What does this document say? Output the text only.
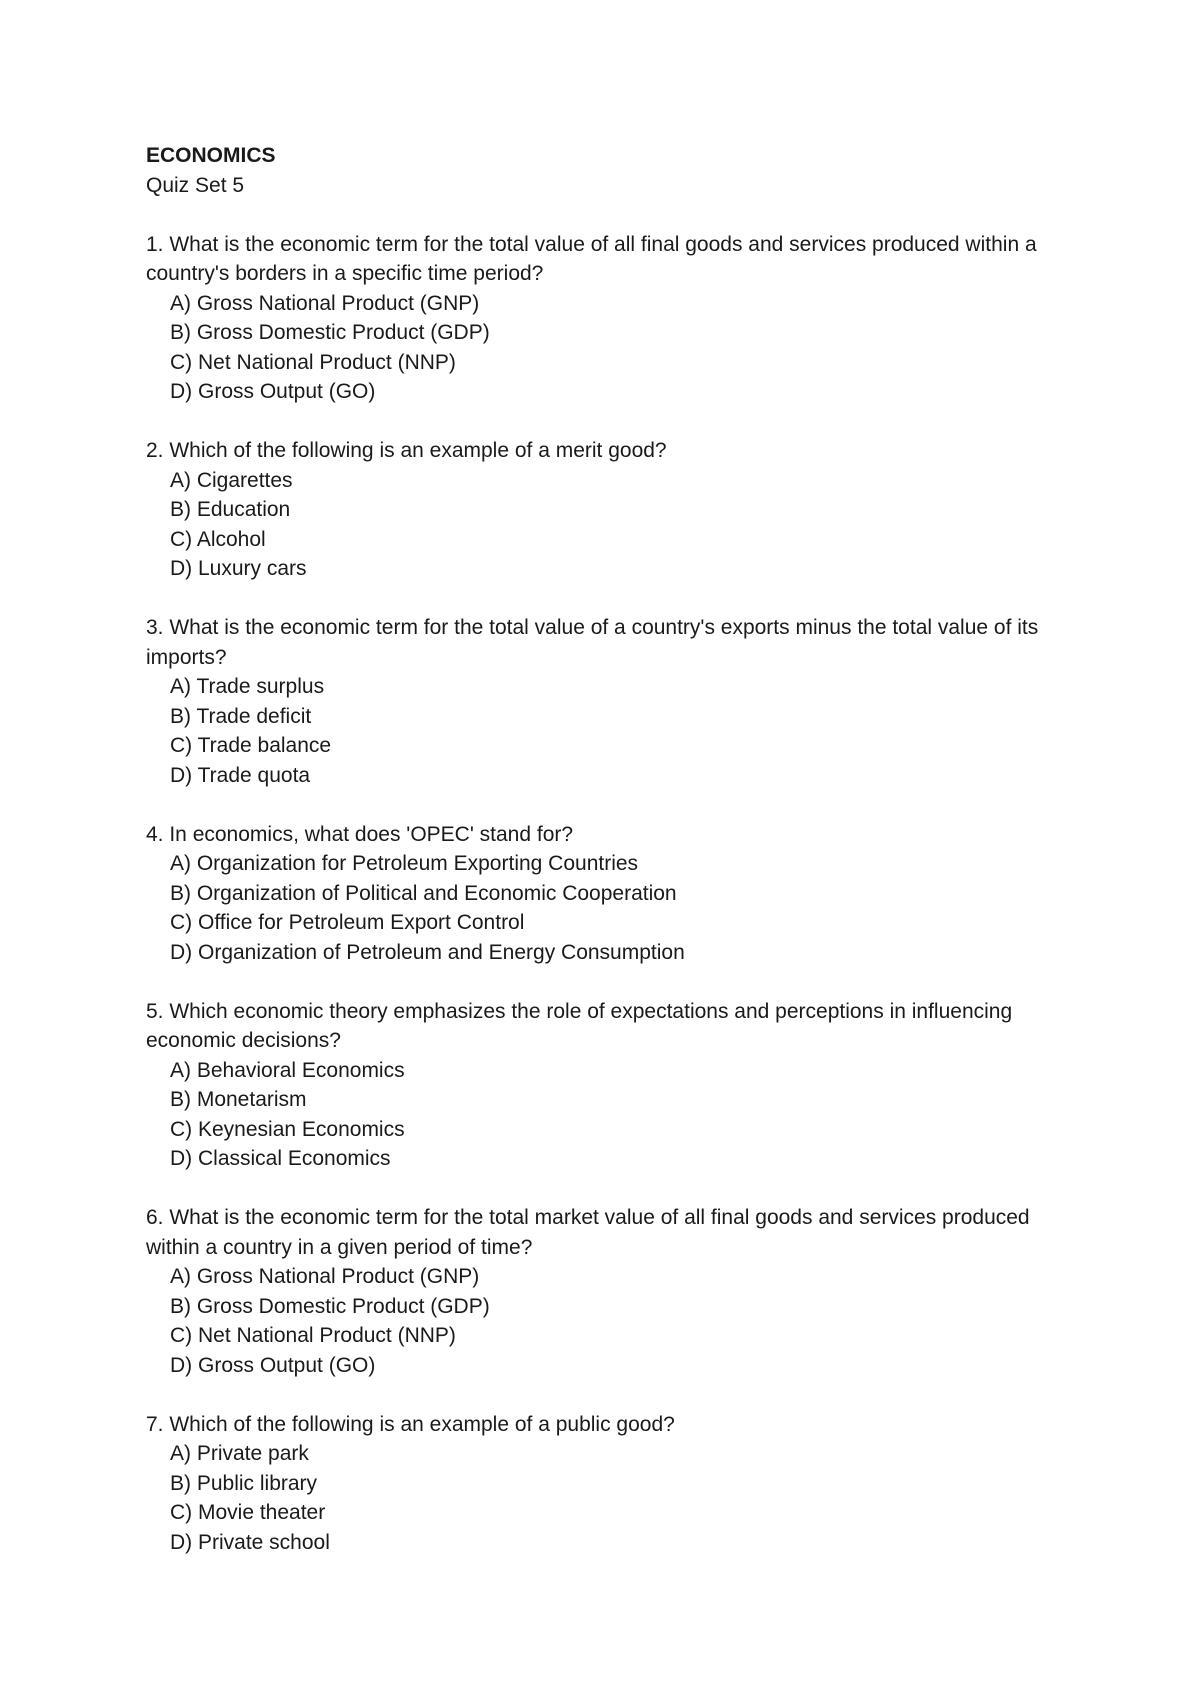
ECONOMICS

Quiz Set 5

1. What is the economic term for the total value of all final goods and services produced within a country's borders in a specific time period?

A) Gross National Product (GNP)
B) Gross Domestic Product (GDP)
C) Net National Product (NNP)
D) Gross Output (GO)

2. Which of the following is an example of a merit good?

A) Cigarettes
B) Education
C) Alcohol
D) Luxury cars

3. What is the economic term for the total value of a country's exports minus the total value of its imports?

A) Trade surplus
B) Trade deficit
C) Trade balance
D) Trade quota

4. In economics, what does 'OPEC' stand for?

A) Organization for Petroleum Exporting Countries
B) Organization of Political and Economic Cooperation
C) Office for Petroleum Export Control
D) Organization of Petroleum and Energy Consumption

5. Which economic theory emphasizes the role of expectations and perceptions in influencing economic decisions?

A) Behavioral Economics
B) Monetarism
C) Keynesian Economics
D) Classical Economics

6. What is the economic term for the total market value of all final goods and services produced within a country in a given period of time?

A) Gross National Product (GNP)
B) Gross Domestic Product (GDP)
C) Net National Product (NNP)
D) Gross Output (GO)

7. Which of the following is an example of a public good?

A) Private park
B) Public library
C) Movie theater
D) Private school
